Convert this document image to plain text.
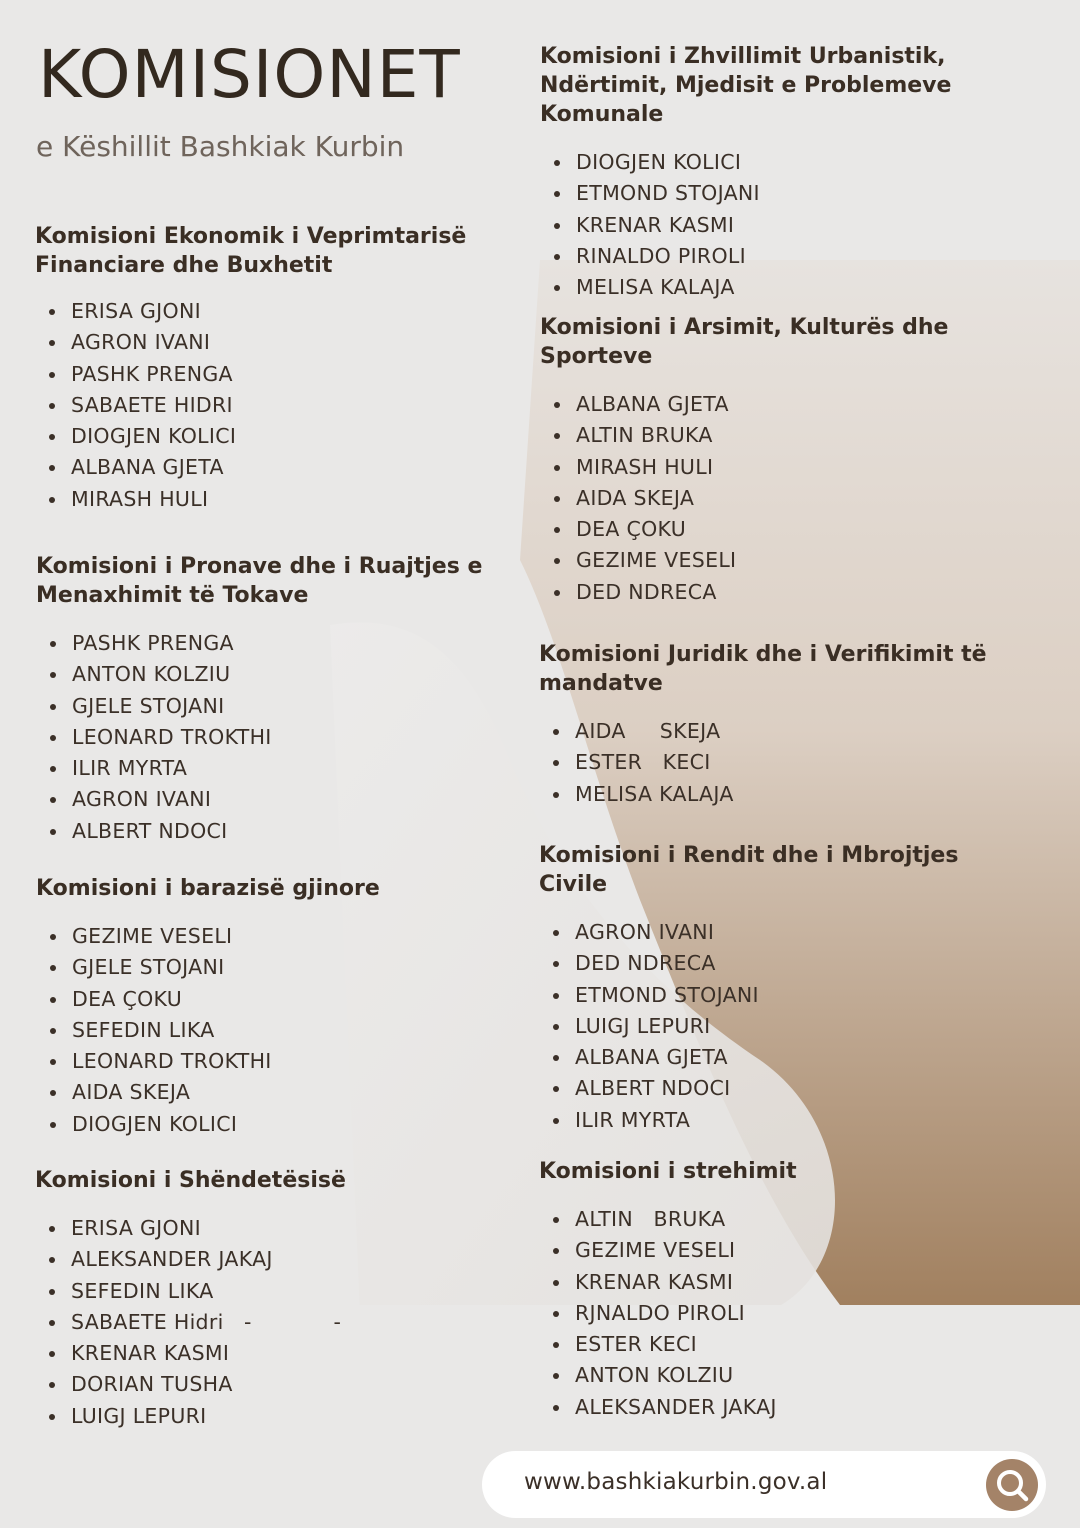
KOMISIONET
e Këshillit Bashkiak Kurbin
Komisioni Ekonomik i Veprimtarisë Financiare dhe Buxhetit
ERISA GJONI
AGRON IVANI
PASHK PRENGA
SABAETE HIDRI
DIOGJEN KOLICI
ALBANA GJETA
MIRASH HULI
Komisioni i Pronave dhe i Ruajtjes e Menaxhimit të Tokave
PASHK PRENGA
ANTON KOLZIU
GJELE STOJANI
LEONARD TROKTHI
ILIR MYRTA
AGRON IVANI
ALBERT NDOCI
Komisioni i barazisë gjinore
GEZIME VESELI
GJELE STOJANI
DEA ÇOKU
SEFEDIN LIKA
LEONARD TROKTHI
AIDA SKEJA
DIOGJEN KOLICI
Komisioni i Shëndetësisë
ERISA GJONI
ALEKSANDER JAKAJ
SEFEDIN LIKA
SABAETE Hidri   -            -
KRENAR KASMI
DORIAN TUSHA
LUIGJ LEPURI
Komisioni i Zhvillimit Urbanistik, Ndërtimit, Mjedisit e Problemeve Komunale
DIOGJEN KOLICI
ETMOND STOJANI
KRENAR KASMI
RINALDO PIROLI
MELISA KALAJA
Komisioni i Arsimit, Kulturës dhe Sporteve
ALBANA GJETA
ALTIN BRUKA
MIRASH HULI
AIDA SKEJA
DEA ÇOKU
GEZIME VESELI
DED NDRECA
Komisioni Juridik dhe i Verifikimit të mandatve
AIDA     SKEJA
ESTER   KECI
MELISA KALAJA
Komisioni i Rendit dhe i Mbrojtjes Civile
AGRON IVANI
DED NDRECA
ETMOND STOJANI
LUIGJ LEPURI
ALBANA GJETA
ALBERT NDOCI
ILIR MYRTA
Komisioni i strehimit
ALTIN   BRUKA
GEZIME VESELI
KRENAR KASMI
RJNALDO PIROLI
ESTER KECI
ANTON KOLZIU
ALEKSANDER JAKAJ
www.bashkiakurbin.gov.al
